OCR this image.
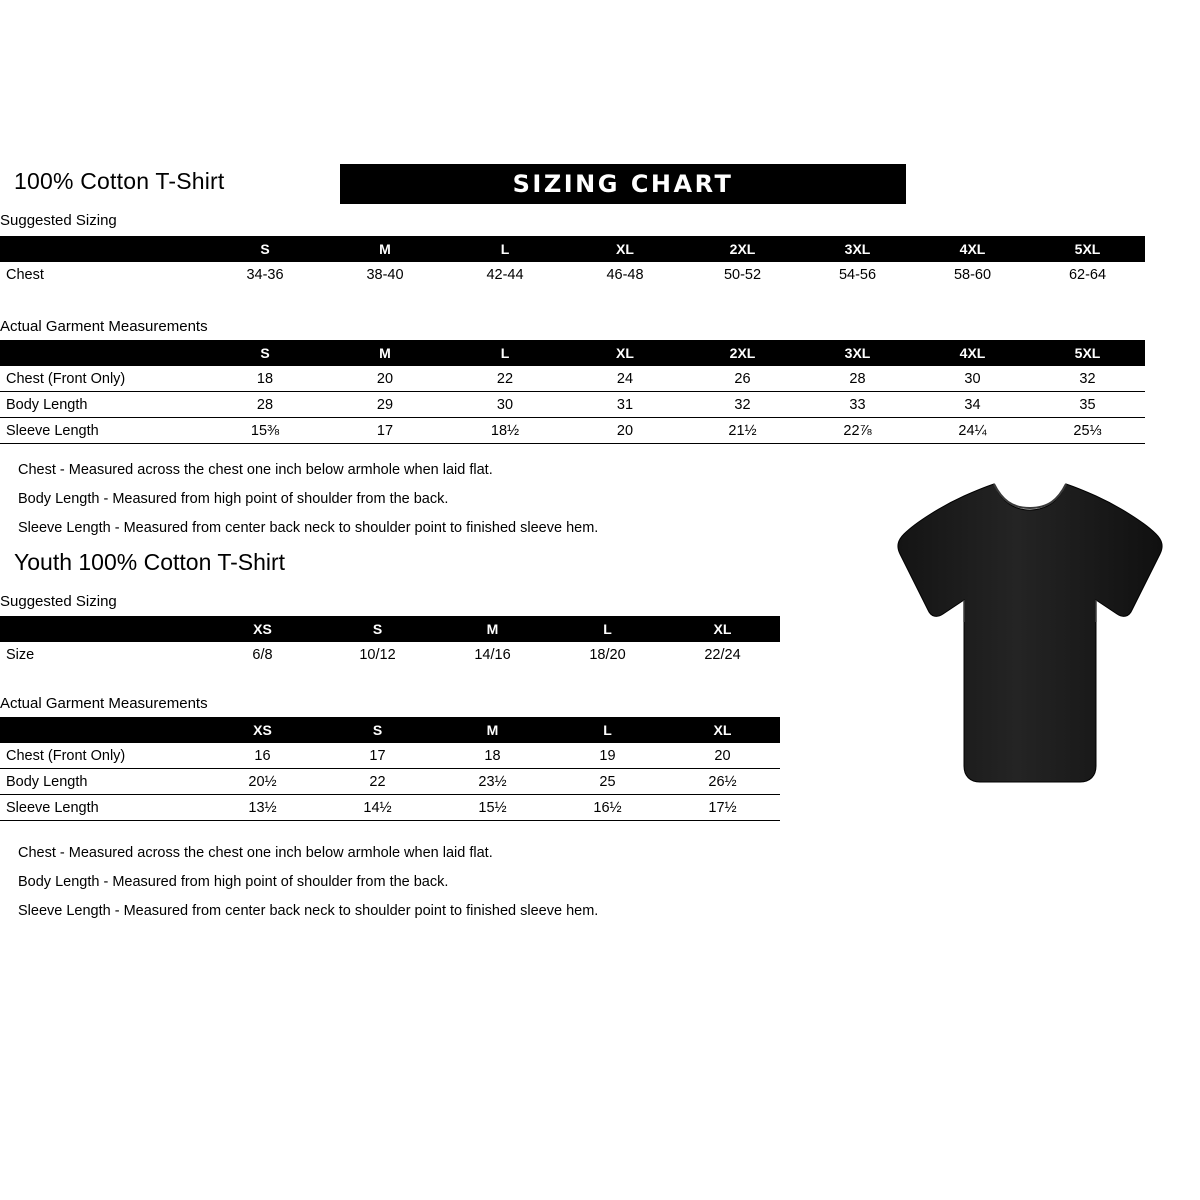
100% Cotton T-Shirt	SIZING CHART
Suggested Sizing
	S	M	L	XL	2XL	3XL	4XL	5XL
Chest	34-36	38-40	42-44	46-48	50-52	54-56	58-60	62-64
Actual Garment Measurements
	S	M	L	XL	2XL	3XL	4XL	5XL
Chest (Front Only)	18	20	22	24	26	28	30	32
Body Length	28	29	30	31	32	33	34	35
Sleeve Length	15⅜	17	18½	20	21½	22⅞	24¼	25⅓
Chest - Measured across the chest one inch below armhole when laid flat.
Body Length - Measured from high point of shoulder from the back.
Sleeve Length - Measured from center back neck to shoulder point to finished sleeve hem.
Youth 100% Cotton T-Shirt
Suggested Sizing
	XS	S	M	L	XL
Size	6/8	10/12	14/16	18/20	22/24
Actual Garment Measurements
	XS	S	M	L	XL
Chest (Front Only)	16	17	18	19	20
Body Length	20½	22	23½	25	26½
Sleeve Length	13½	14½	15½	16½	17½
Chest - Measured across the chest one inch below armhole when laid flat.
Body Length - Measured from high point of shoulder from the back.
Sleeve Length - Measured from center back neck to shoulder point to finished sleeve hem.
